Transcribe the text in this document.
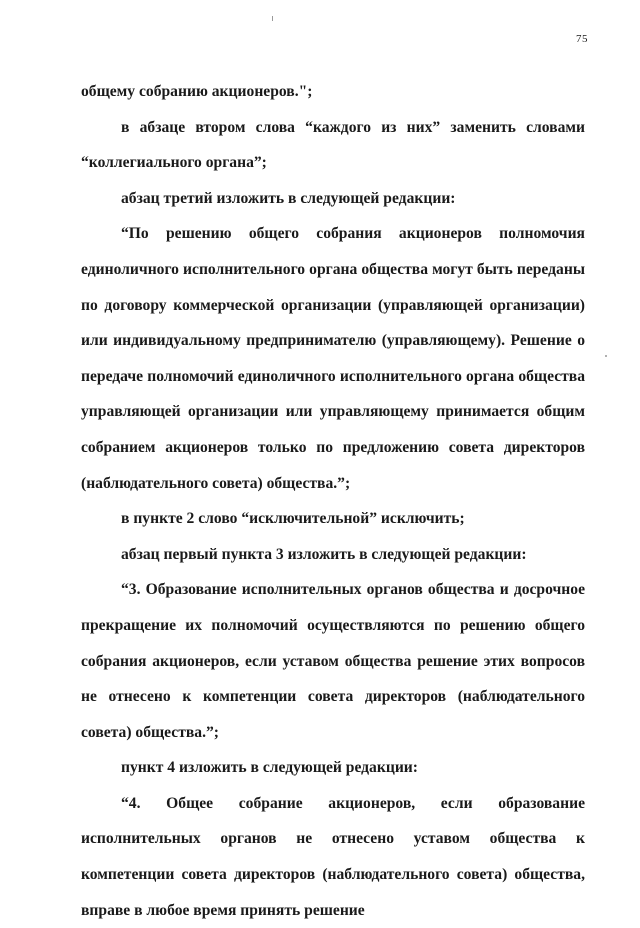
75

общему собранию акционеров.";

в абзаце втором слова “каждого из них” заменить словами “коллегиального органа”;

абзац третий изложить в следующей редакции:

“По решению общего собрания акционеров полномочия единоличного исполнительного органа общества могут быть переданы по договору коммерческой организации (управляющей организации) или индивидуальному предпринимателю (управляющему). Решение о передаче полномочий единоличного исполнительного органа общества управляющей организации или управляющему принимается общим собранием акционеров только по предложению совета директоров (наблюдательного совета) общества.”;

в пункте 2 слово “исключительной” исключить;

абзац первый пункта 3 изложить в следующей редакции:

“3. Образование исполнительных органов общества и досрочное прекращение их полномочий осуществляются по решению общего собрания акционеров, если уставом общества решение этих вопросов не отнесено к компетенции совета директоров (наблюдательного совета) общества.”;

пункт 4 изложить в следующей редакции:

“4. Общее собрание акционеров, если образование исполнительных органов не отнесено уставом общества к компетенции совета директоров (наблюдательного совета) общества, вправе в любое время принять решение
